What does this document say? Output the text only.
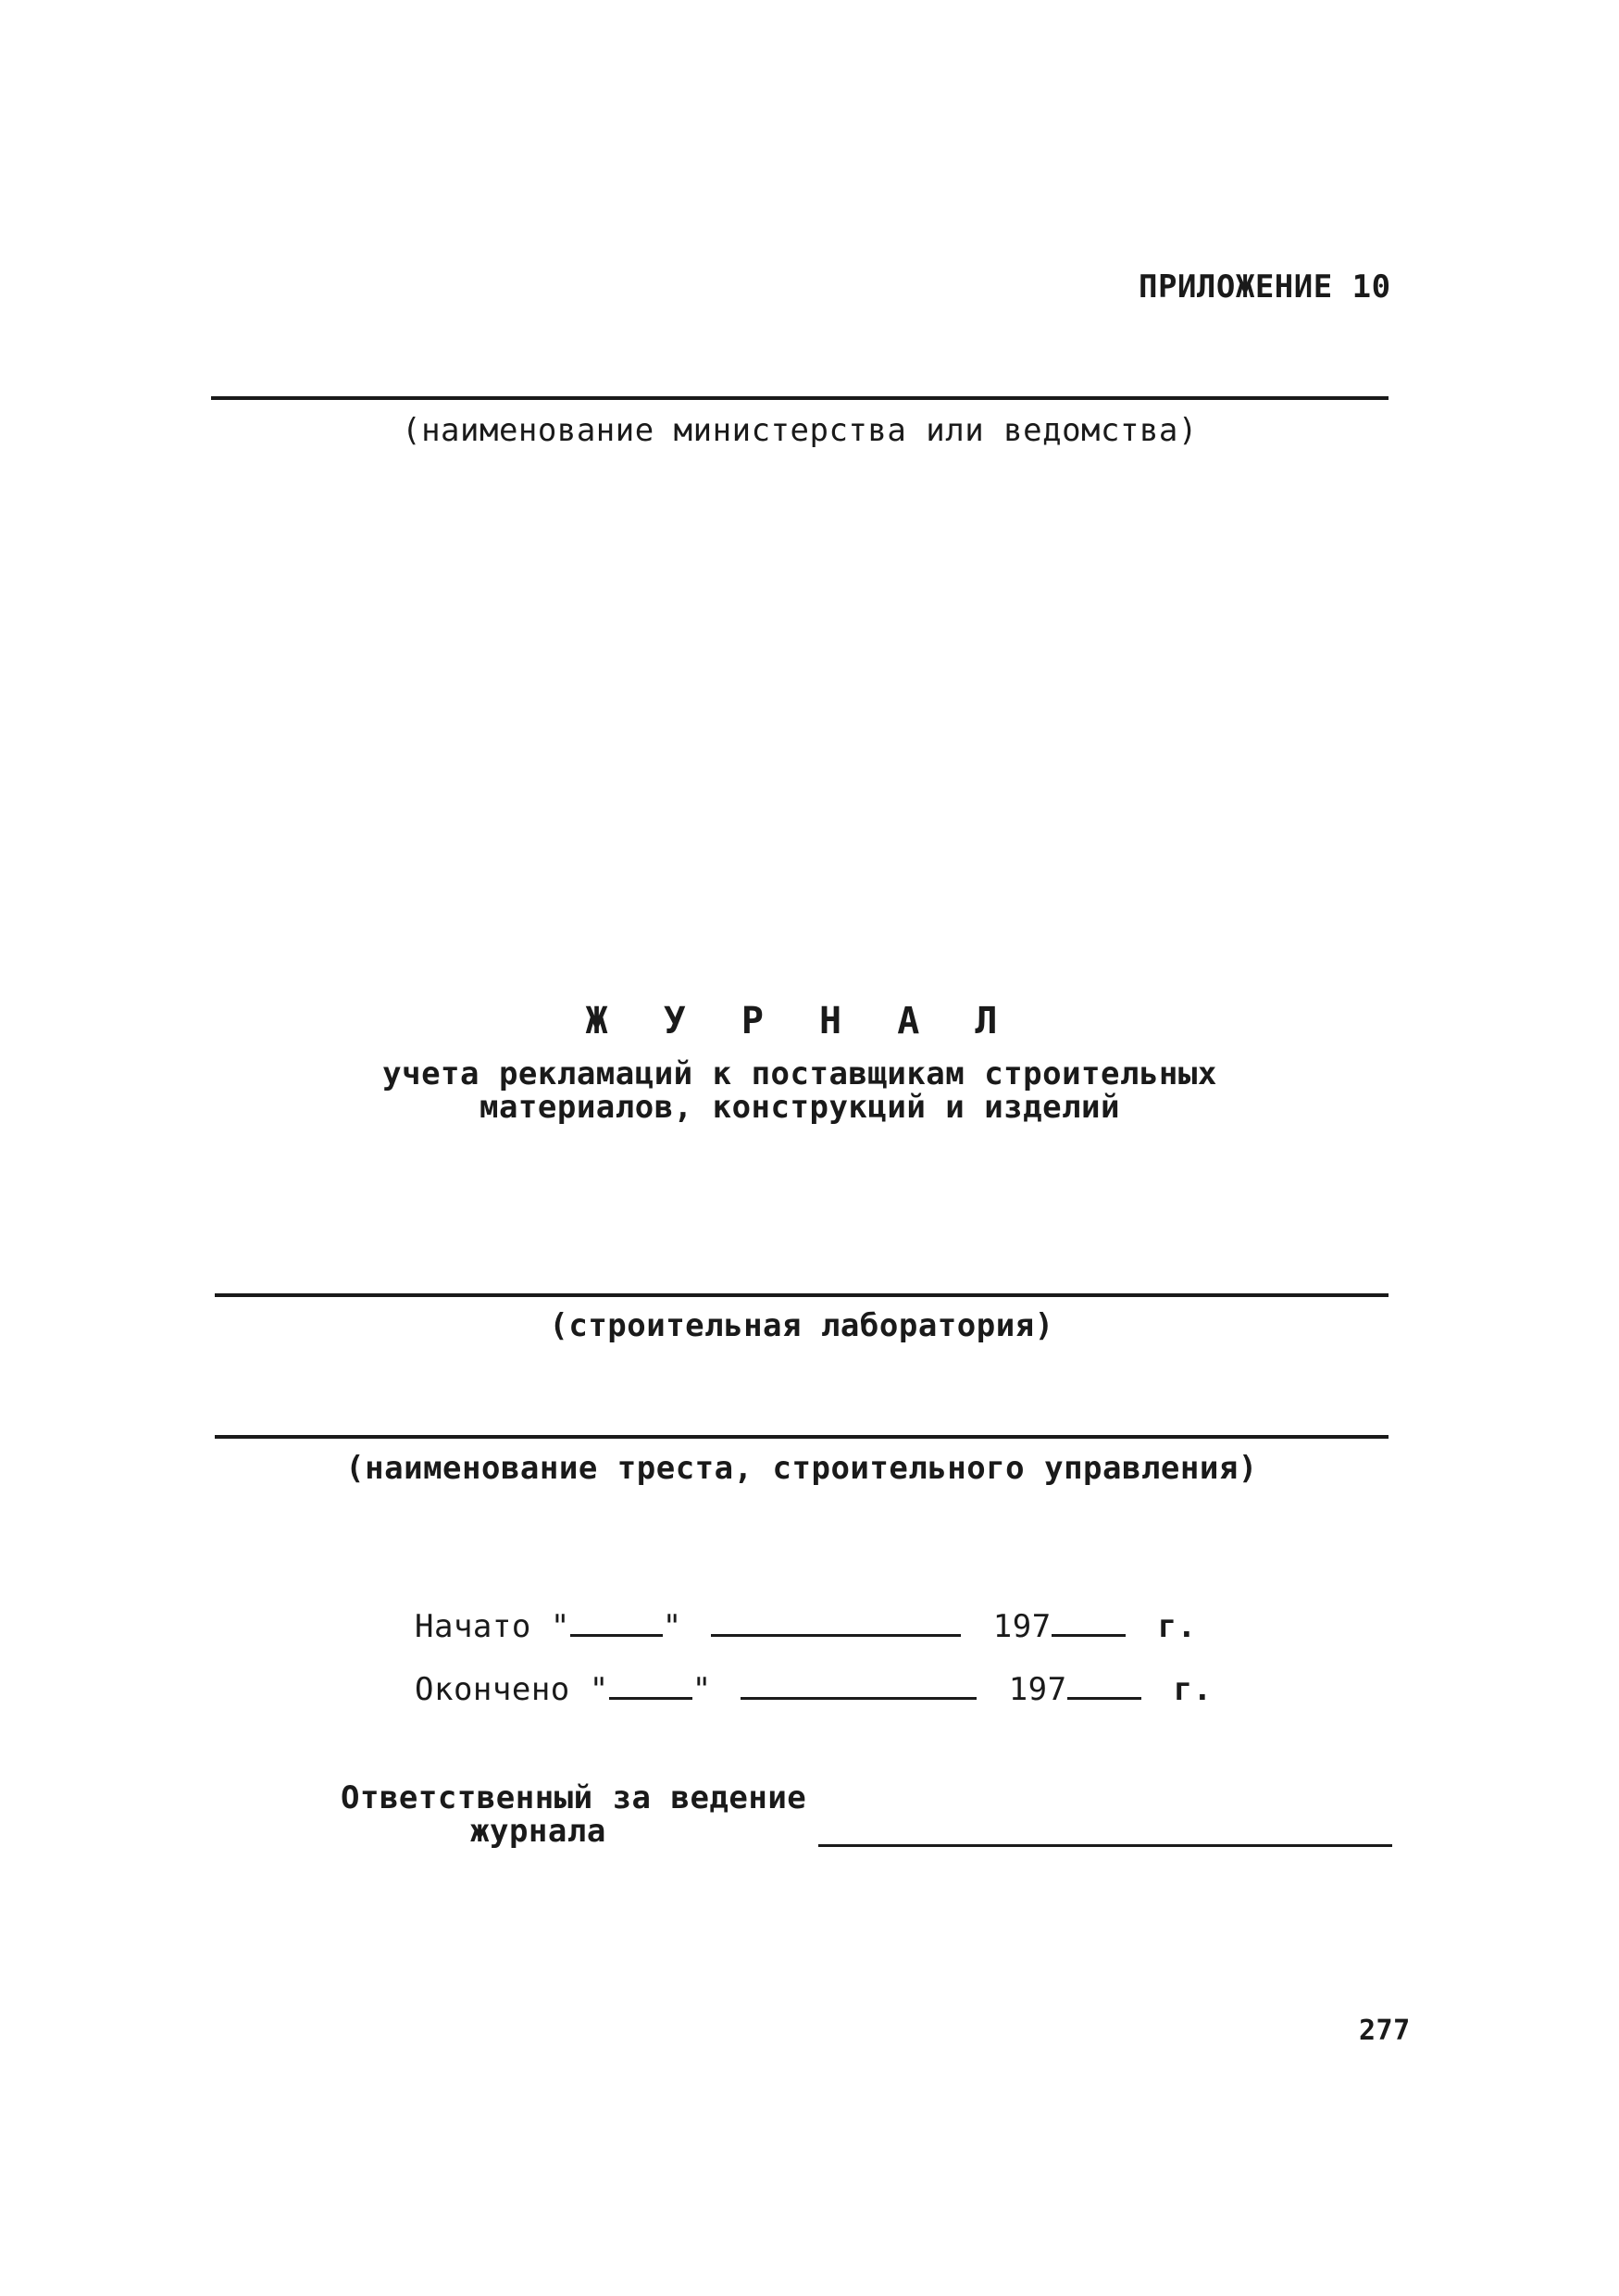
ПРИЛОЖЕНИЕ 10
(наименование министерства или ведомства)
Ж У Р Н А Л
учета рекламаций к поставщикам строительных
материалов, конструкций и изделий
(строительная лаборатория)
(наименование треста, строительного управления)
Начато "	"	197	г.
Окончено "	"	197	г.
Ответственный за ведение
журнала
277
